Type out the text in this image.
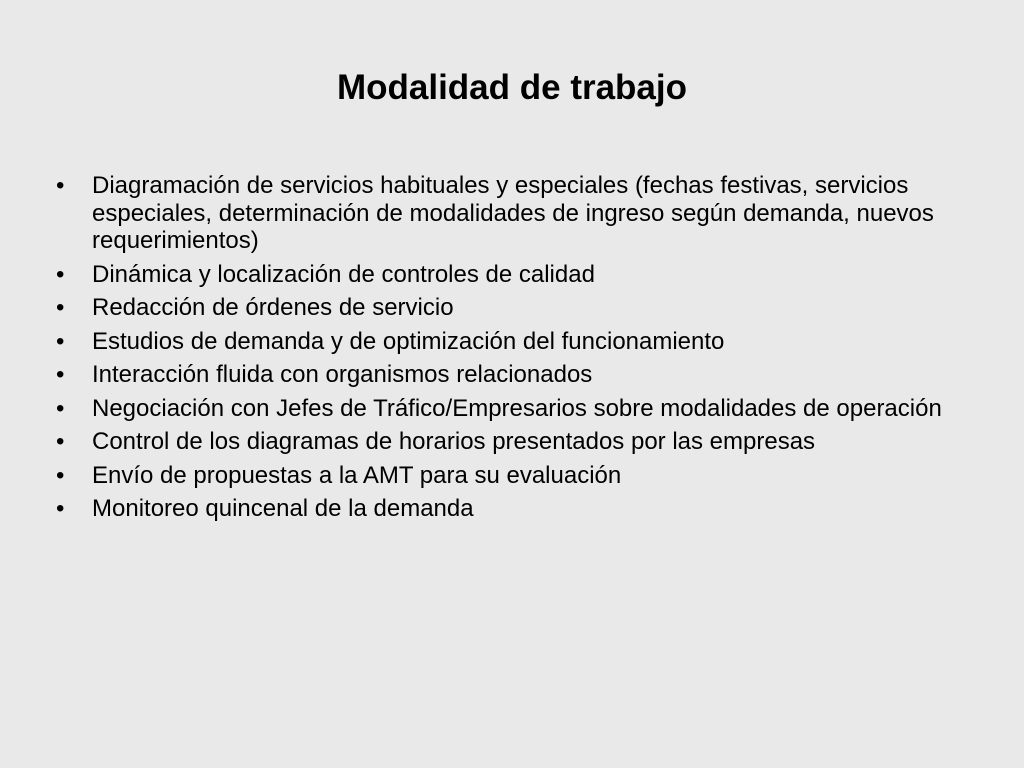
Modalidad de trabajo
• Diagramación de servicios habituales y especiales (fechas festivas, servicios especiales, determinación de modalidades de ingreso según demanda, nuevos requerimientos)
• Dinámica y localización de controles de calidad
• Redacción de órdenes de servicio
• Estudios de demanda y de optimización del funcionamiento
• Interacción fluida con organismos relacionados
• Negociación con Jefes de Tráfico/Empresarios sobre modalidades de operación
• Control de los diagramas de horarios presentados por las empresas
• Envío de propuestas a la AMT para su evaluación
• Monitoreo quincenal de la demanda
